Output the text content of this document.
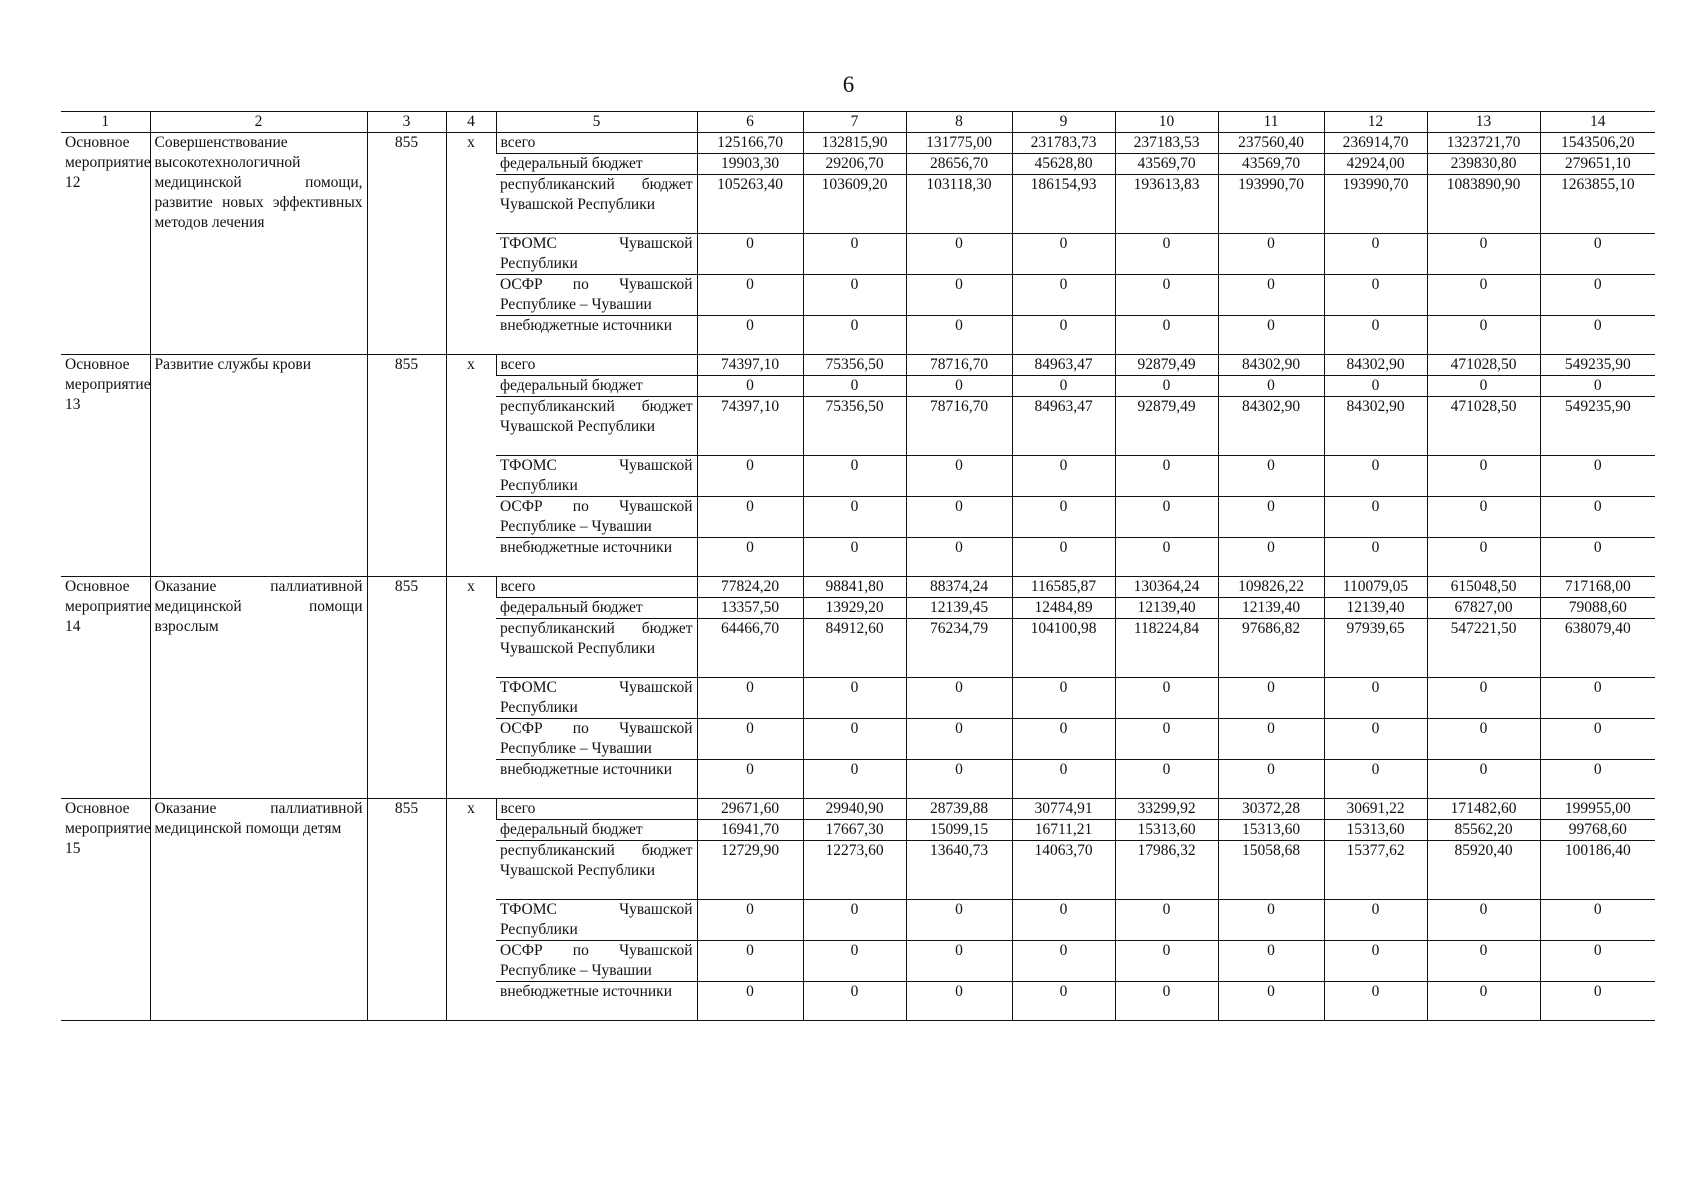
6
1	2	3	4	5	6	7	8	9	10	11	12	13	14
Основное мероприятие 12	Совершенствование высокотехнологичной медицинской помощи, развитие новых эффективных методов лечения	855	х	всего	125166,70	132815,90	131775,00	231783,73	237183,53	237560,40	236914,70	1323721,70	1543506,20
				федеральный бюджет	19903,30	29206,70	28656,70	45628,80	43569,70	43569,70	42924,00	239830,80	279651,10
				республиканский бюджет Чувашской Республики	105263,40	103609,20	103118,30	186154,93	193613,83	193990,70	193990,70	1083890,90	1263855,10
				ТФОМС Чувашской Республики	0	0	0	0	0	0	0	0	0
				ОСФР по Чувашской Республике – Чувашии	0	0	0	0	0	0	0	0	0
				внебюджетные источники	0	0	0	0	0	0	0	0	0
Основное мероприятие 13	Развитие службы крови	855	х	всего	74397,10	75356,50	78716,70	84963,47	92879,49	84302,90	84302,90	471028,50	549235,90
				федеральный бюджет	0	0	0	0	0	0	0	0	0
				республиканский бюджет Чувашской Республики	74397,10	75356,50	78716,70	84963,47	92879,49	84302,90	84302,90	471028,50	549235,90
				ТФОМС Чувашской Республики	0	0	0	0	0	0	0	0	0
				ОСФР по Чувашской Республике – Чувашии	0	0	0	0	0	0	0	0	0
				внебюджетные источники	0	0	0	0	0	0	0	0	0
Основное мероприятие 14	Оказание паллиативной медицинской помощи взрослым	855	х	всего	77824,20	98841,80	88374,24	116585,87	130364,24	109826,22	110079,05	615048,50	717168,00
				федеральный бюджет	13357,50	13929,20	12139,45	12484,89	12139,40	12139,40	12139,40	67827,00	79088,60
				республиканский бюджет Чувашской Республики	64466,70	84912,60	76234,79	104100,98	118224,84	97686,82	97939,65	547221,50	638079,40
				ТФОМС Чувашской Республики	0	0	0	0	0	0	0	0	0
				ОСФР по Чувашской Республике – Чувашии	0	0	0	0	0	0	0	0	0
				внебюджетные источники	0	0	0	0	0	0	0	0	0
Основное мероприятие 15	Оказание паллиативной медицинской помощи детям	855	х	всего	29671,60	29940,90	28739,88	30774,91	33299,92	30372,28	30691,22	171482,60	199955,00
				федеральный бюджет	16941,70	17667,30	15099,15	16711,21	15313,60	15313,60	15313,60	85562,20	99768,60
				республиканский бюджет Чувашской Республики	12729,90	12273,60	13640,73	14063,70	17986,32	15058,68	15377,62	85920,40	100186,40
				ТФОМС Чувашской Республики	0	0	0	0	0	0	0	0	0
				ОСФР по Чувашской Республике – Чувашии	0	0	0	0	0	0	0	0	0
				внебюджетные источники	0	0	0	0	0	0	0	0	0
